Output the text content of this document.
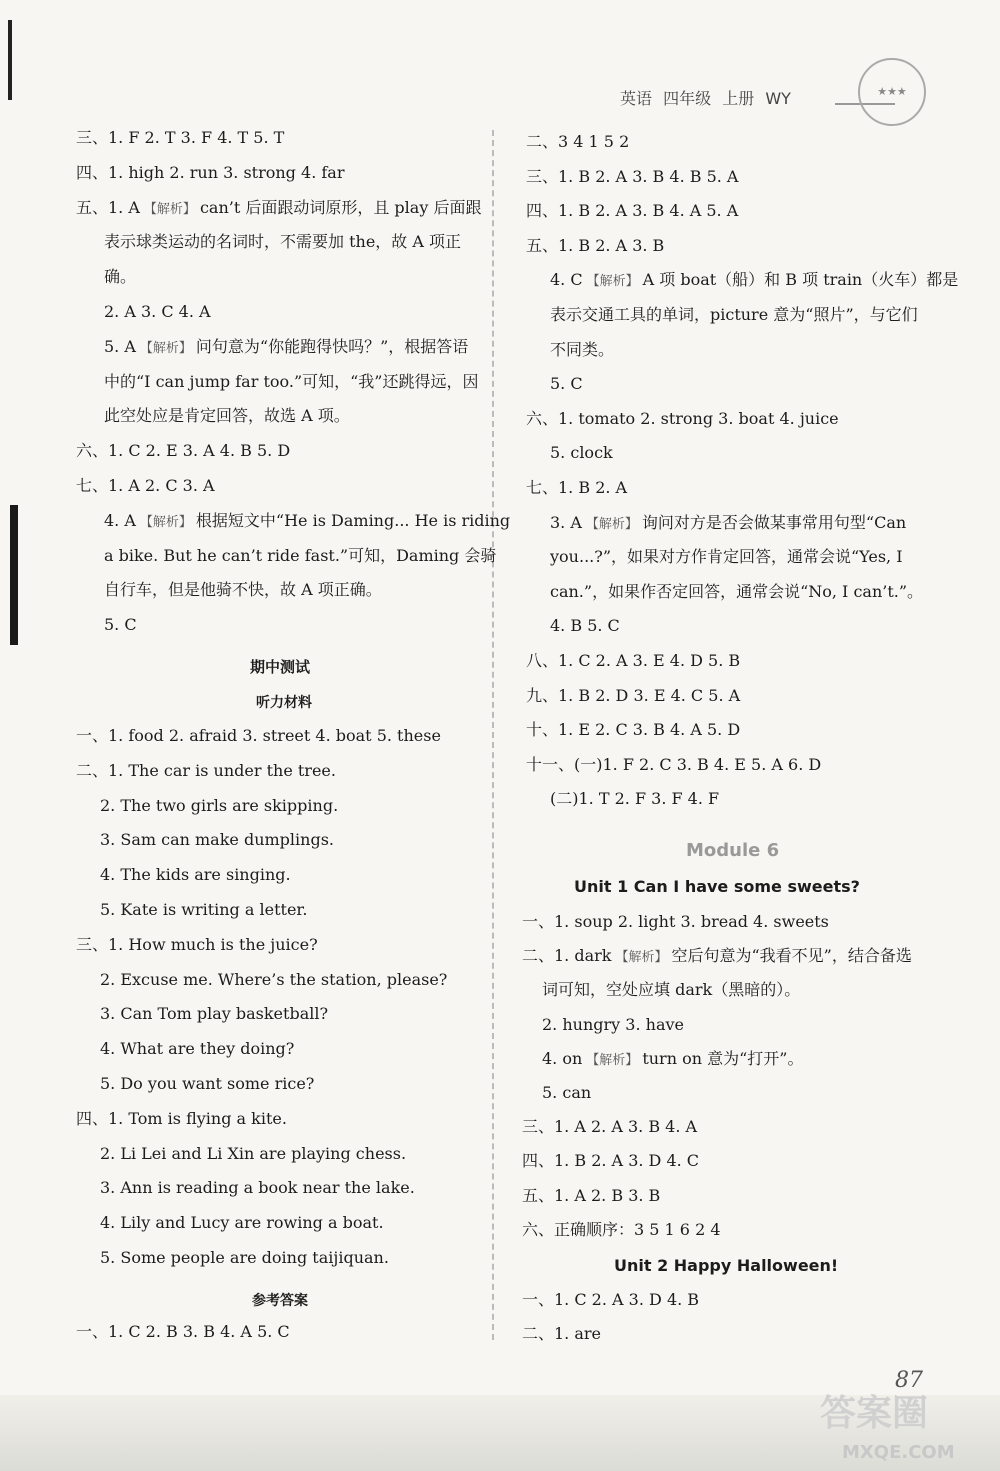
英语 四年级 上册 WY	★★★
三、1. F 2. T 3. F 4. T 5. T
四、1. high 2. run 3. strong 4. far
五、1. A 【解析】 can’t 后面跟动词原形，且 play 后面跟
表示球类运动的名词时，不需要加 the，故 A 项正
确。
2. A 3. C 4. A
5. A 【解析】 问句意为“你能跑得快吗？”，根据答语
中的“I can jump far too.”可知，“我”还跳得远，因
此空处应是肯定回答，故选 A 项。
六、1. C 2. E 3. A 4. B 5. D
七、1. A 2. C 3. A
4. A 【解析】 根据短文中“He is Daming... He is riding
a bike. But he can’t ride fast.”可知，Daming 会骑
自行车，但是他骑不快，故 A 项正确。
5. C
期中测试
听力材料
一、1. food 2. afraid 3. street 4. boat 5. these
二、1. The car is under the tree.
2. The two girls are skipping.
3. Sam can make dumplings.
4. The kids are singing.
5. Kate is writing a letter.
三、1. How much is the juice?
2. Excuse me. Where’s the station, please?
3. Can Tom play basketball?
4. What are they doing?
5. Do you want some rice?
四、1. Tom is flying a kite.
2. Li Lei and Li Xin are playing chess.
3. Ann is reading a book near the lake.
4. Lily and Lucy are rowing a boat.
5. Some people are doing taijiquan.
参考答案
一、1. C 2. B 3. B 4. A 5. C
二、3 4 1 5 2
三、1. B 2. A 3. B 4. B 5. A
四、1. B 2. A 3. B 4. A 5. A
五、1. B 2. A 3. B
4. C 【解析】 A 项 boat（船）和 B 项 train（火车）都是
表示交通工具的单词，picture 意为“照片”，与它们
不同类。
5. C
六、1. tomato 2. strong 3. boat 4. juice
5. clock
七、1. B 2. A
3. A 【解析】 询问对方是否会做某事常用句型“Can
you...?”，如果对方作肯定回答，通常会说“Yes, I
can.”，如果作否定回答，通常会说“No, I can’t.”。
4. B 5. C
八、1. C 2. A 3. E 4. D 5. B
九、1. B 2. D 3. E 4. C 5. A
十、1. E 2. C 3. B 4. A 5. D
十一、(一)1. F 2. C 3. B 4. E 5. A 6. D
(二)1. T 2. F 3. F 4. F
Module 6
Unit 1 Can I have some sweets?
一、1. soup 2. light 3. bread 4. sweets
二、1. dark 【解析】 空后句意为“我看不见”，结合备选
词可知，空处应填 dark（黑暗的）。
2. hungry 3. have
4. on 【解析】 turn on 意为“打开”。
5. can
三、1. A 2. A 3. B 4. A
四、1. B 2. A 3. D 4. C
五、1. A 2. B 3. B
六、正确顺序：3 5 1 6 2 4
Unit 2 Happy Halloween!
一、1. C 2. A 3. D 4. B
二、1. are
87
答案圈
MXQE.COM
